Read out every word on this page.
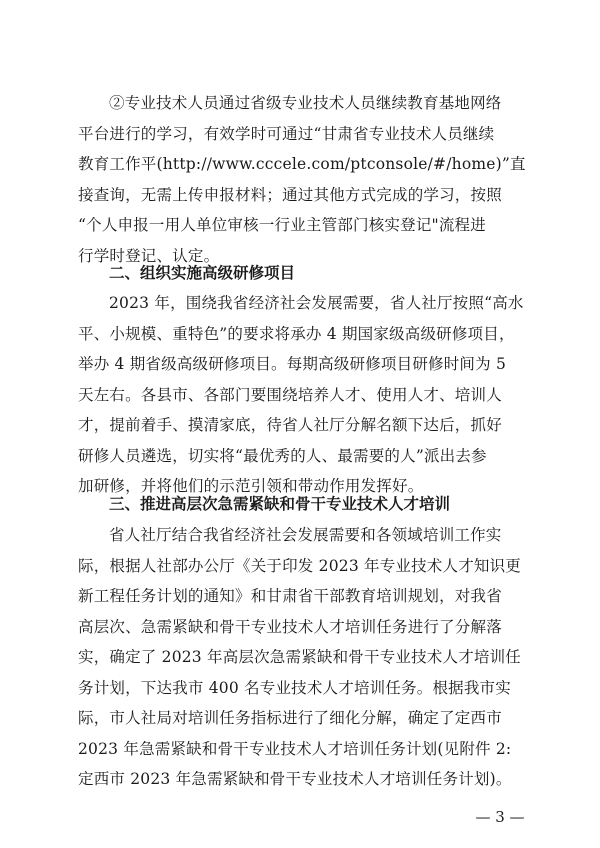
②专业技术人员通过省级专业技术人员继续教育基地网络
平台进行的学习，有效学时可通过“甘肃省专业技术人员继续
教育工作平(http://www.cccele.com/ptconsole/#/home)”直
接查询，无需上传申报材料；通过其他方式完成的学习，按照
“个人申报一用人单位审核一行业主管部门核实登记"流程进
行学时登记、认定。
二、组织实施高级研修项目
2023 年，围绕我省经济社会发展需要，省人社厅按照“高水
平、小规模、重特色”的要求将承办 4 期国家级高级研修项目，
举办 4 期省级高级研修项目。每期高级研修项目研修时间为 5
天左右。各县市、各部门要围绕培养人才、使用人才、培训人
才，提前着手、摸清家底，待省人社厅分解名额下达后，抓好
研修人员遴选，切实将“最优秀的人、最需要的人”派出去参
加研修，并将他们的示范引领和带动作用发挥好。
三、推进高层次急需紧缺和骨干专业技术人才培训
省人社厅结合我省经济社会发展需要和各领域培训工作实
际，根据人社部办公厅《关于印发 2023 年专业技术人才知识更
新工程任务计划的通知》和甘肃省干部教育培训规划，对我省
高层次、急需紧缺和骨干专业技术人才培训任务进行了分解落
实，确定了 2023 年高层次急需紧缺和骨干专业技术人才培训任
务计划，下达我市 400 名专业技术人才培训任务。根据我市实
际，市人社局对培训任务指标进行了细化分解，确定了定西市
2023 年急需紧缺和骨干专业技术人才培训任务计划(见附件 2:
定西市 2023 年急需紧缺和骨干专业技术人才培训任务计划)。
— 3 —
